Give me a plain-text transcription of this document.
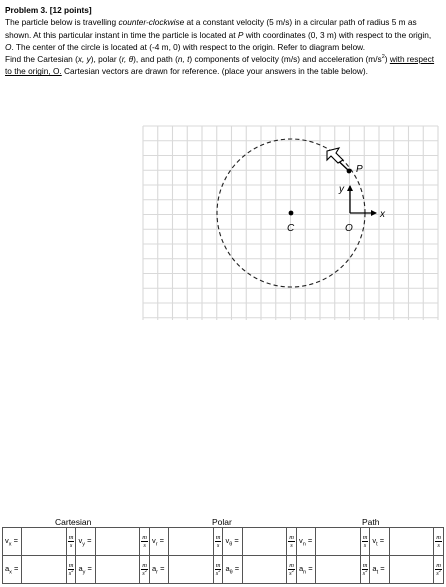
Problem 3. [12 points]
The particle below is travelling counter-clockwise at a constant velocity (5 m/s) in a circular path of radius 5 m as shown. At this particular instant in time the particle is located at P with coordinates (0, 3 m) with respect to the origin, O. The center of the circle is located at (-4 m, 0) with respect to the origin. Refer to diagram below.
Find the Cartesian (x, y), polar (r, θ), and path (n, t) components of velocity (m/s) and acceleration $(m/s^2)$ with respect to the origin, O. Cartesian vectors are drawn for reference. (place your answers in the table below).
P
O
C
x
y
Cartesian	Polar	Path
$v_x$ =		$\frac{m}{s}$	$v_y$ =		$\frac{m}{s}$	$v_r$ =		$\frac{m}{s}$	$v_\theta$ =		$\frac{m}{s}$	$v_n$ =		$\frac{m}{s}$	$v_t$ =		$\frac{m}{s}$

$a_x$ =		$\frac{m}{s^2}$	$a_y$ =		$\frac{m}{s^2}$	$a_r$ =		$\frac{m}{s^2}$	$a_\theta$ =		$\frac{m}{s^2}$	$a_n$ =		$\frac{m}{s^2}$	$a_t$ =		$\frac{m}{s^2}$
